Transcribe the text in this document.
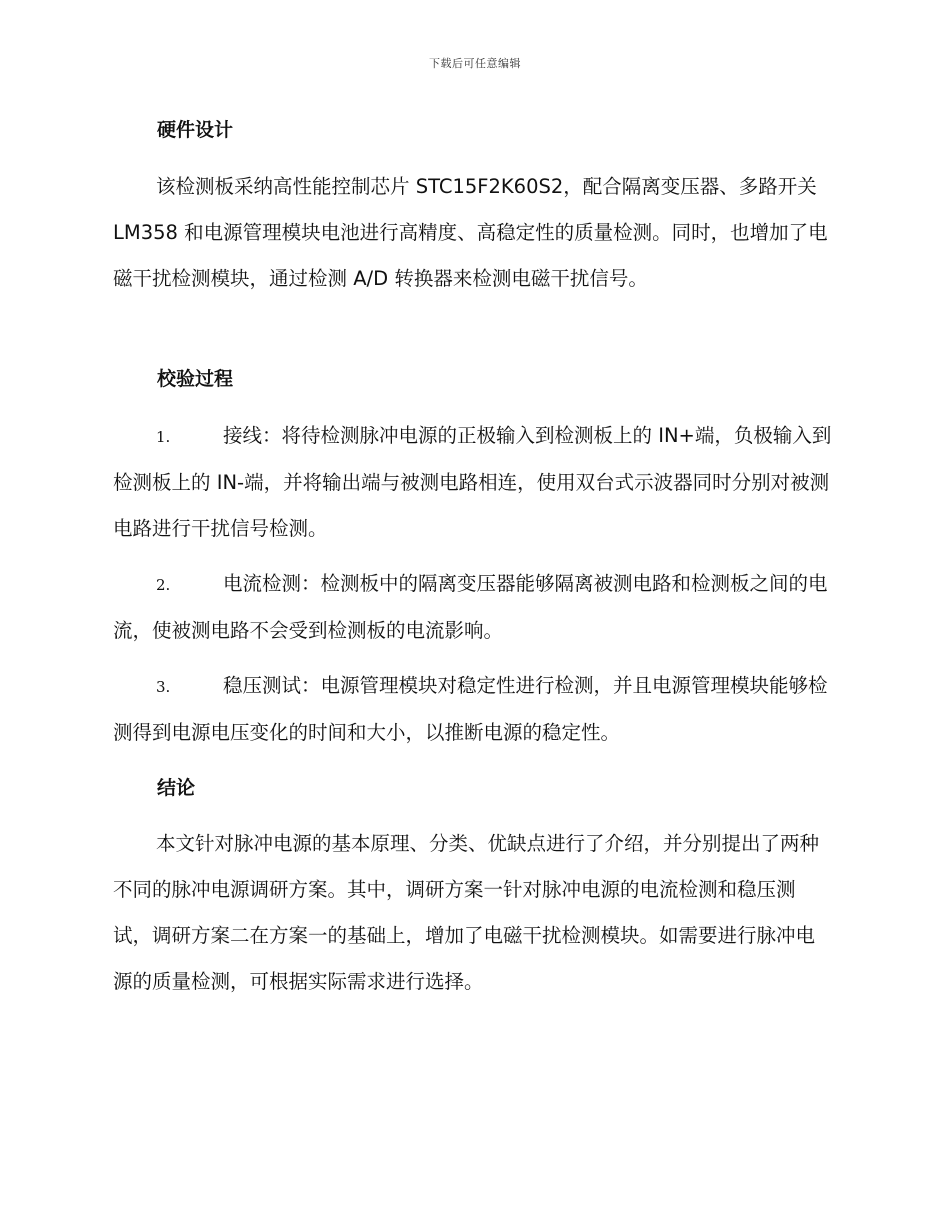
下载后可任意编辑
硬件设计

该检测板采纳高性能控制芯片 STC15F2K60S2，配合隔离变压器、多路开关 LM358 和电源管理模块电池进行高精度、高稳定性的质量检测。同时，也增加了电磁干扰检测模块，通过检测 A/D 转换器来检测电磁干扰信号。

校验过程

1.	接线：将待检测脉冲电源的正极输入到检测板上的 IN+端，负极输入到检测板上的 IN-端，并将输出端与被测电路相连，使用双台式示波器同时分别对被测电路进行干扰信号检测。

2.	电流检测：检测板中的隔离变压器能够隔离被测电路和检测板之间的电流，使被测电路不会受到检测板的电流影响。

3.	稳压测试：电源管理模块对稳定性进行检测，并且电源管理模块能够检测得到电源电压变化的时间和大小，以推断电源的稳定性。

结论

本文针对脉冲电源的基本原理、分类、优缺点进行了介绍，并分别提出了两种不同的脉冲电源调研方案。其中，调研方案一针对脉冲电源的电流检测和稳压测试，调研方案二在方案一的基础上，增加了电磁干扰检测模块。如需要进行脉冲电源的质量检测，可根据实际需求进行选择。
